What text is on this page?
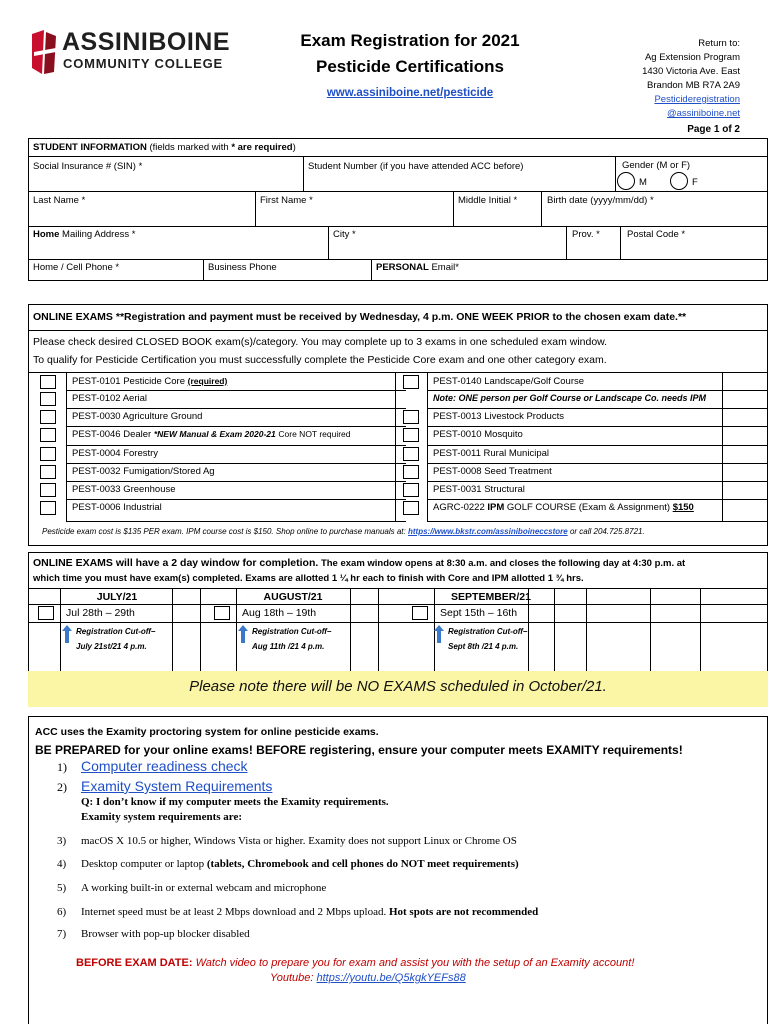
ASSINIBOINE
COMMUNITY COLLEGE
Exam Registration for 2021
Pesticide Certifications
www.assiniboine.net/pesticide
Return to:
Ag Extension Program
1430 Victoria Ave. East
Brandon MB R7A 2A9
Pesticideregistration
@assiniboine.net
Page 1 of 2
STUDENT INFORMATION (fields marked with * are required)
Social Insurance # (SIN) *	Student Number (if you have attended ACC before)	Gender (M or F)
M	F
Last Name *	First Name *	Middle Initial *	Birth date (yyyy/mm/dd) *
Home Mailing Address *	City *	Prov. *	Postal Code *
Home / Cell Phone *	Business Phone	PERSONAL Email*
ONLINE EXAMS **Registration and payment must be received by Wednesday, 4 p.m. ONE WEEK PRIOR to the chosen exam date.**
Please check desired CLOSED BOOK exam(s)/category. You may complete up to 3 exams in one scheduled exam window.
To qualify for Pesticide Certification you must successfully complete the Pesticide Core exam and one other category exam.
PEST-0101 Pesticide Core (required)
PEST-0102 Aerial
PEST-0030 Agriculture Ground
PEST-0046 Dealer *NEW Manual & Exam 2020-21 Core NOT required
PEST-0004 Forestry
PEST-0032 Fumigation/Stored Ag
PEST-0033 Greenhouse
PEST-0006 Industrial
PEST-0140 Landscape/Golf Course
Note: ONE person per Golf Course or Landscape Co. needs IPM
PEST-0013 Livestock Products
PEST-0010 Mosquito
PEST-0011 Rural Municipal
PEST-0008 Seed Treatment
PEST-0031 Structural
AGRC-0222 IPM GOLF COURSE (Exam & Assignment) $150
Pesticide exam cost is $135 PER exam. IPM course cost is $150. Shop online to purchase manuals at: https://www.bkstr.com/assiniboineccstore or call 204.725.8721.
ONLINE EXAMS will have a 2 day window for completion. The exam window opens at 8:30 a.m. and closes the following day at 4:30 p.m. at
which time you must have exam(s) completed. Exams are allotted 1 ¼ hr each to finish with Core and IPM allotted 1 ¾ hrs.
JULY/21
Jul 28th – 29th
Registration Cut-off–
July 21st/21 4 p.m.
AUGUST/21
Aug 18th – 19th
Registration Cut-off–
Aug 11th /21 4 p.m.
SEPTEMBER/21
Sept 15th – 16th
Registration Cut-off–
Sept 8th /21 4 p.m.
Please note there will be NO EXAMS scheduled in October/21.
ACC uses the Examity proctoring system for online pesticide exams.
BE PREPARED for your online exams! BEFORE registering, ensure your computer meets EXAMITY requirements!
1) Computer readiness check
2) Examity System Requirements
Q: I don’t know if my computer meets the Examity requirements.
Examity system requirements are:
3) macOS X 10.5 or higher, Windows Vista or higher. Examity does not support Linux or Chrome OS
4) Desktop computer or laptop (tablets, Chromebook and cell phones do NOT meet requirements)
5) A working built-in or external webcam and microphone
6) Internet speed must be at least 2 Mbps download and 2 Mbps upload. Hot spots are not recommended
7) Browser with pop-up blocker disabled
BEFORE EXAM DATE: Watch video to prepare you for exam and assist you with the setup of an Examity account!
Youtube: https://youtu.be/Q5kgkYEFs88
